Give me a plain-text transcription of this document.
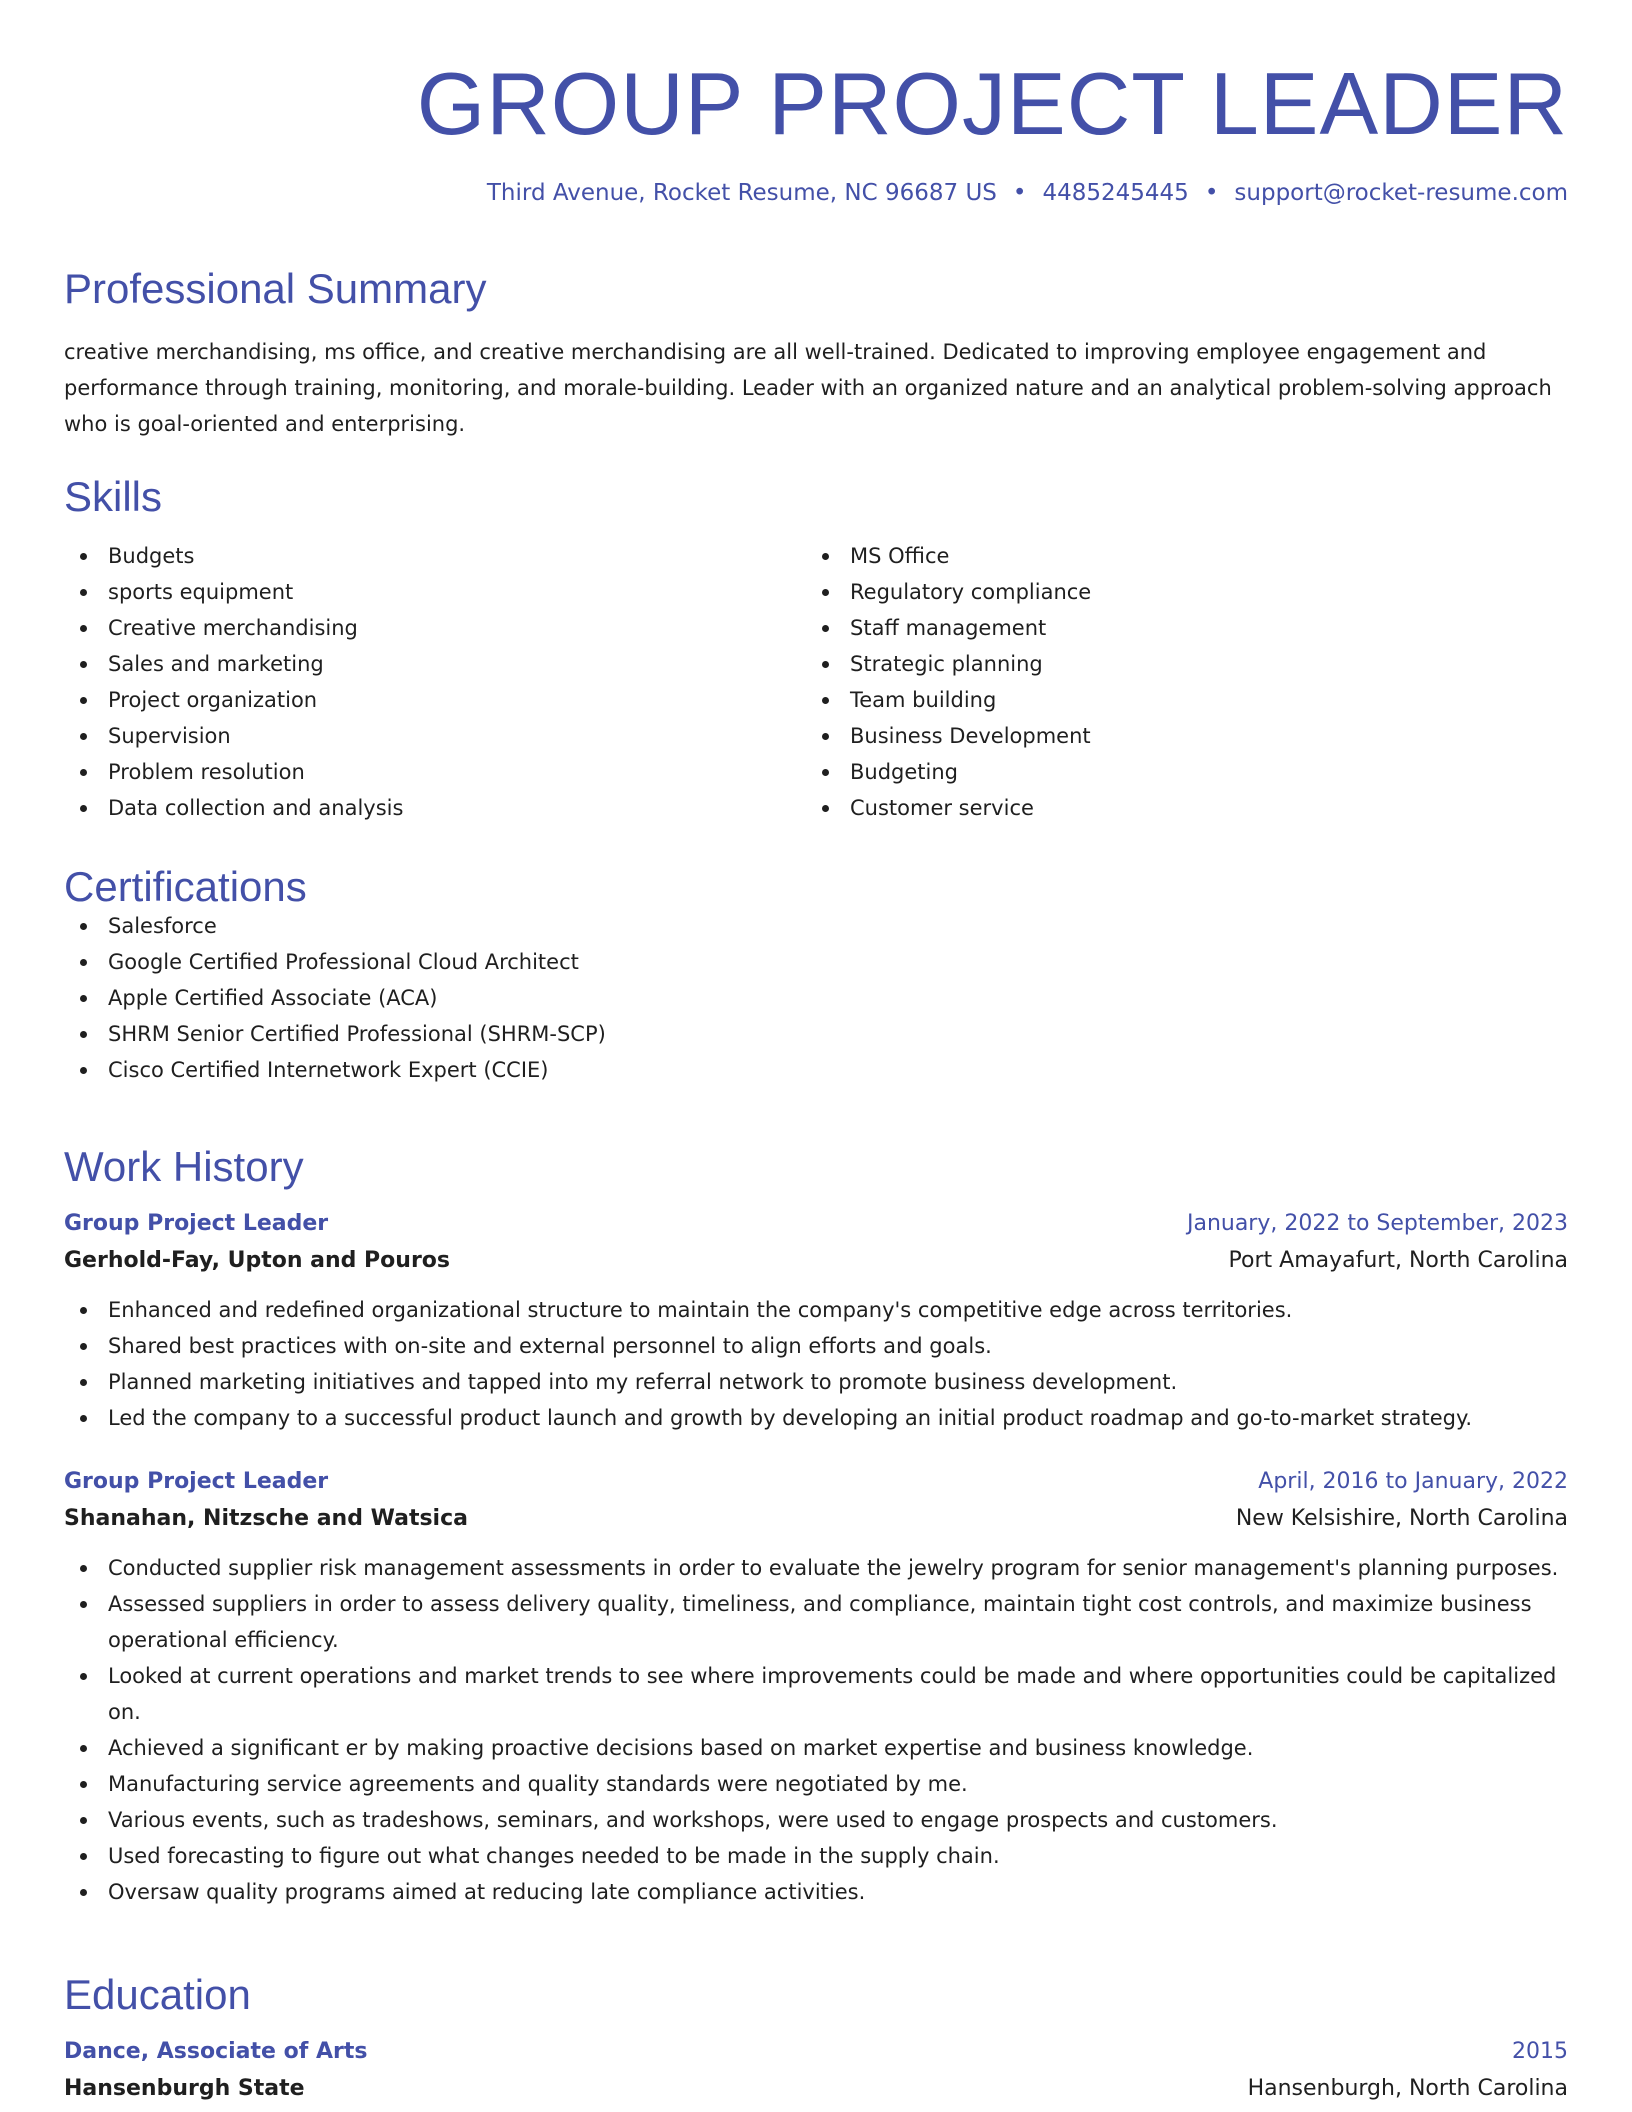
GROUP PROJECT LEADER
Third Avenue, Rocket Resume, NC 96687 US • 4485245445 • support@rocket-resume.com
Professional Summary

creative merchandising, ms office, and creative merchandising are all well-trained. Dedicated to improving employee engagement and performance through training, monitoring, and morale-building. Leader with an organized nature and an analytical problem-solving approach who is goal-oriented and enterprising.

Skills
Budgets
sports equipment
Creative merchandising
Sales and marketing
Project organization
Supervision
Problem resolution
Data collection and analysis
MS Office
Regulatory compliance
Staff management
Strategic planning
Team building
Business Development
Budgeting
Customer service
Certifications
Salesforce
Google Certified Professional Cloud Architect
Apple Certified Associate (ACA)
SHRM Senior Certified Professional (SHRM-SCP)
Cisco Certified Internetwork Expert (CCIE)
Work History
Group Project Leader	January, 2022 to September, 2023
Gerhold-Fay, Upton and Pouros	Port Amayafurt, North Carolina
Enhanced and redefined organizational structure to maintain the company's competitive edge across territories.
Shared best practices with on-site and external personnel to align efforts and goals.
Planned marketing initiatives and tapped into my referral network to promote business development.
Led the company to a successful product launch and growth by developing an initial product roadmap and go-to-market strategy.
Group Project Leader	April, 2016 to January, 2022
Shanahan, Nitzsche and Watsica	New Kelsishire, North Carolina
Conducted supplier risk management assessments in order to evaluate the jewelry program for senior management's planning purposes.
Assessed suppliers in order to assess delivery quality, timeliness, and compliance, maintain tight cost controls, and maximize business operational efficiency.
Looked at current operations and market trends to see where improvements could be made and where opportunities could be capitalized on.
Achieved a significant er by making proactive decisions based on market expertise and business knowledge.
Manufacturing service agreements and quality standards were negotiated by me.
Various events, such as tradeshows, seminars, and workshops, were used to engage prospects and customers.
Used forecasting to figure out what changes needed to be made in the supply chain.
Oversaw quality programs aimed at reducing late compliance activities.
Education
Dance, Associate of Arts	2015
Hansenburgh State	Hansenburgh, North Carolina
